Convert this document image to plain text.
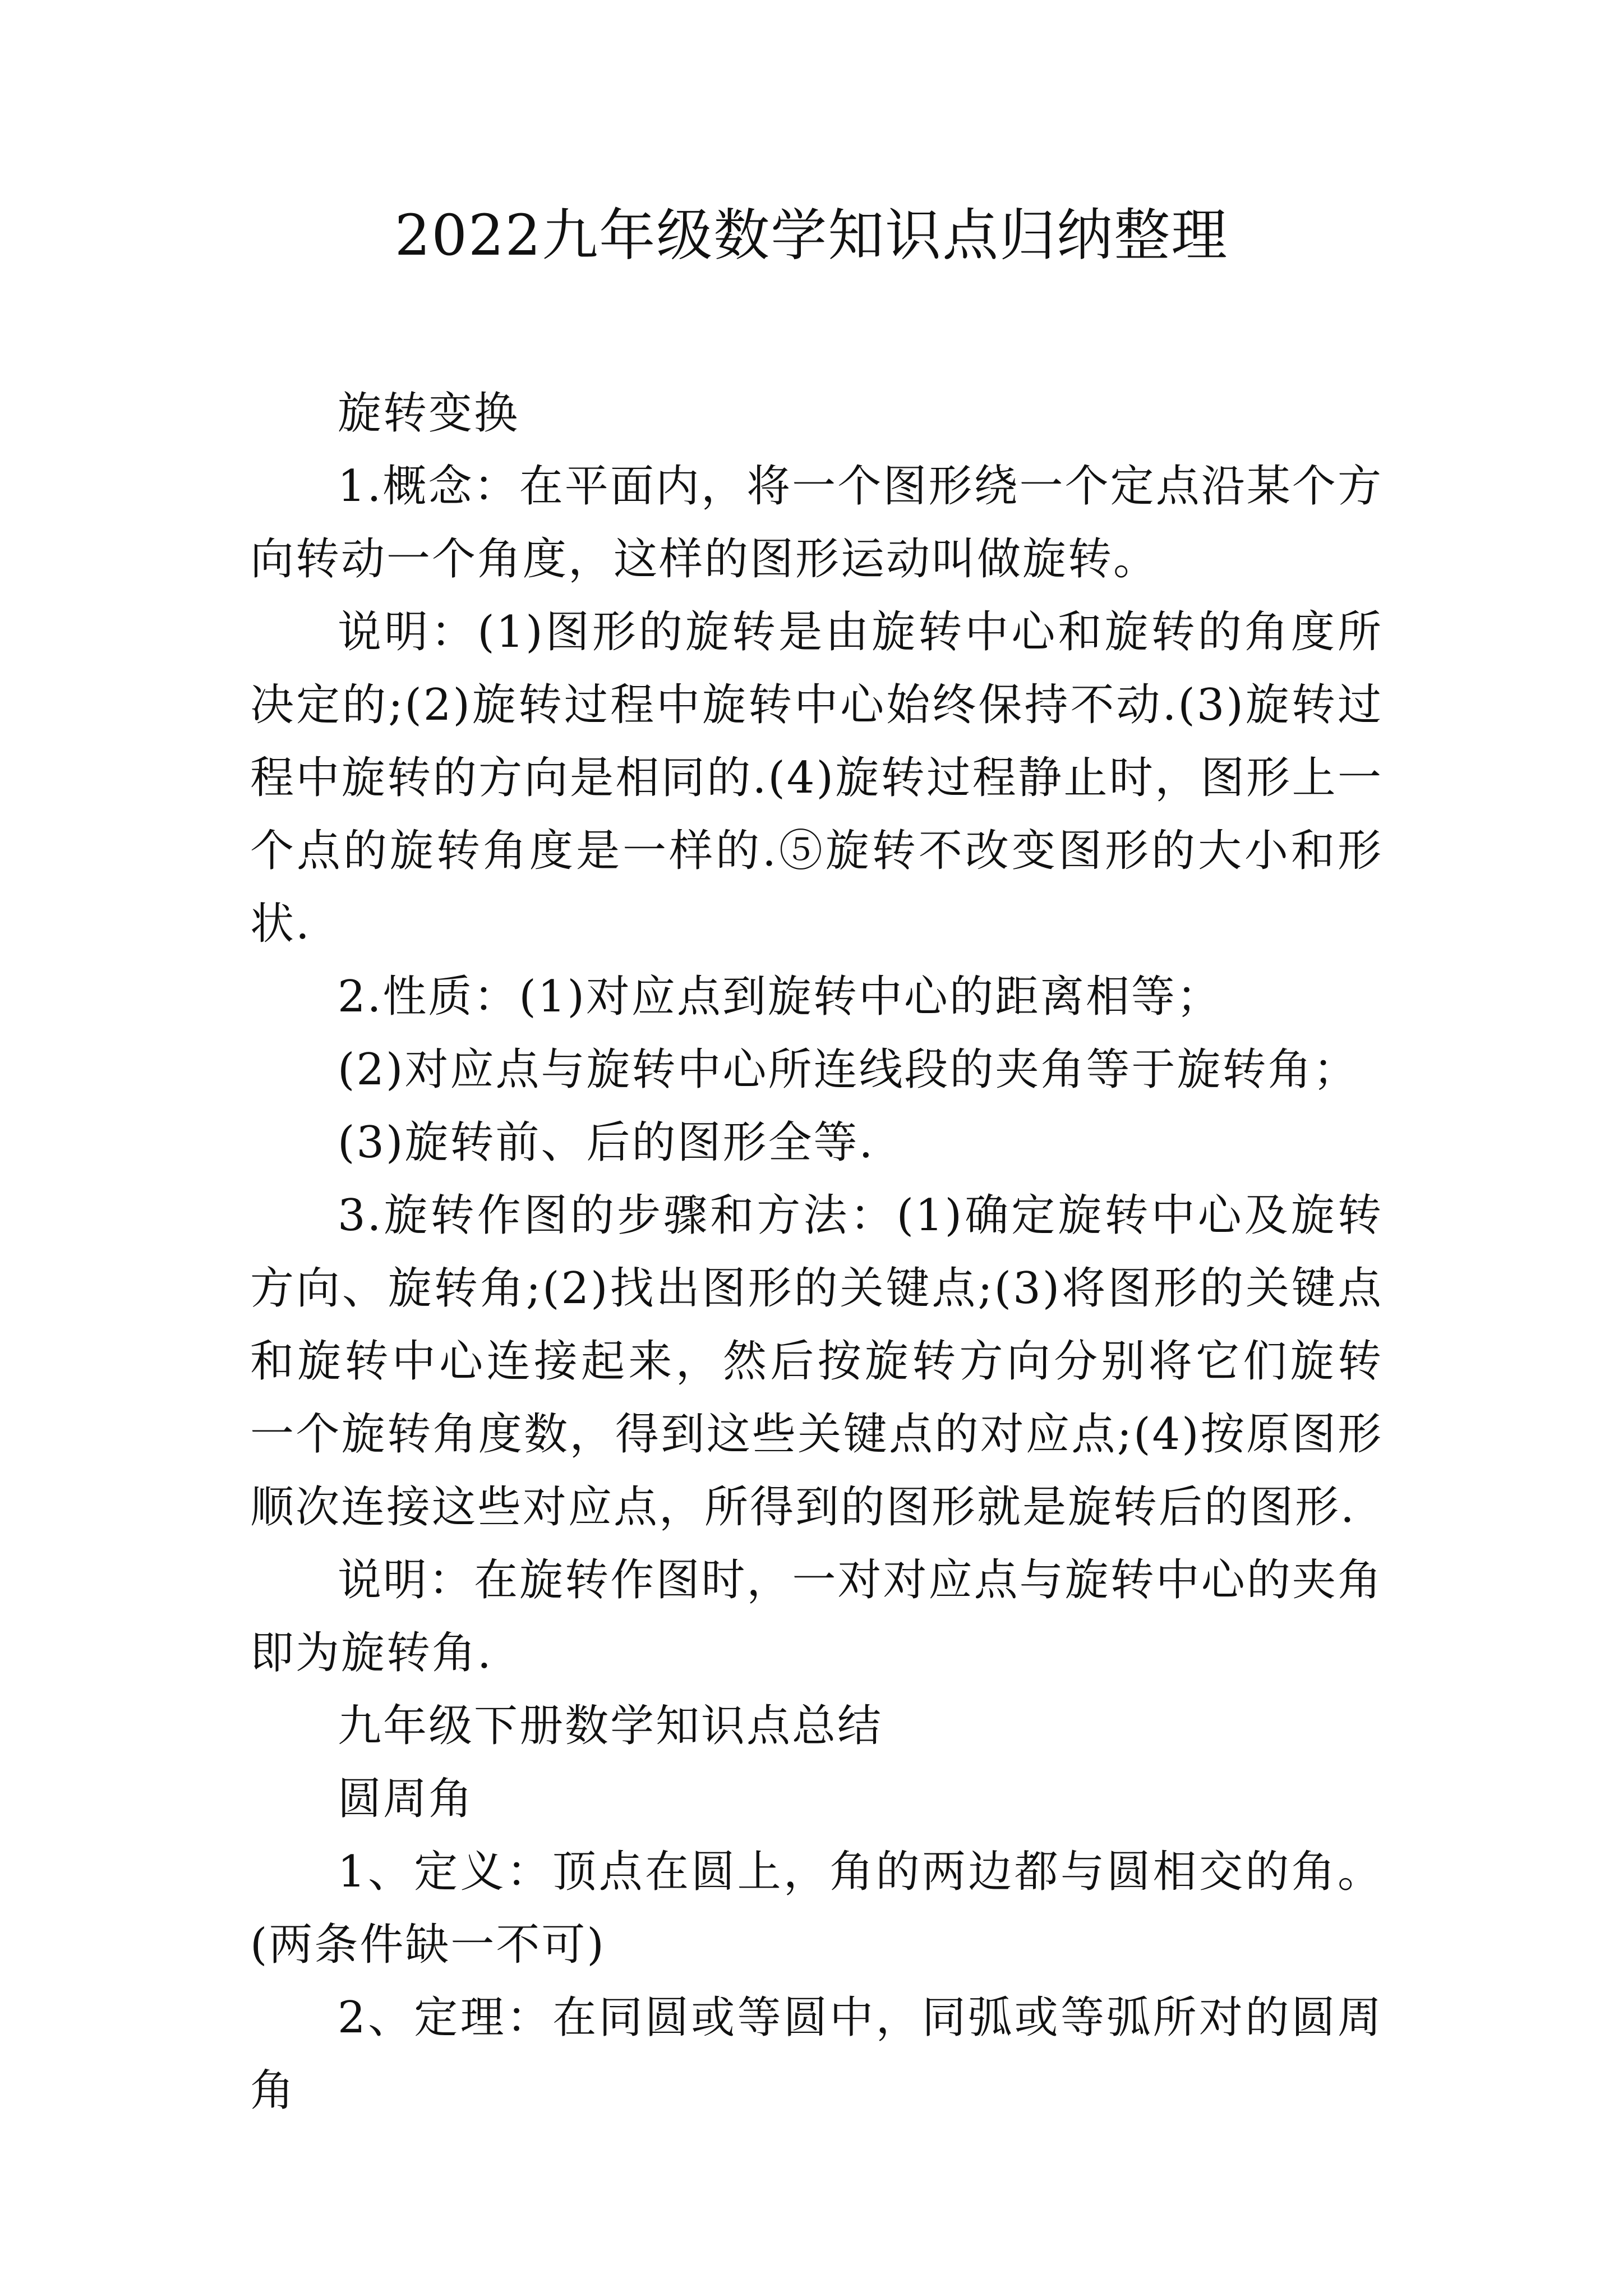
2022九年级数学知识点归纳整理

旋转变换

1.概念：在平面内，将一个图形绕一个定点沿某个方向转动一个角度，这样的图形运动叫做旋转。

说明：(1)图形的旋转是由旋转中心和旋转的角度所决定的;(2)旋转过程中旋转中心始终保持不动.(3)旋转过程中旋转的方向是相同的.(4)旋转过程静止时，图形上一个点的旋转角度是一样的.⑤旋转不改变图形的大小和形状.

2.性质：(1)对应点到旋转中心的距离相等；

(2)对应点与旋转中心所连线段的夹角等于旋转角；

(3)旋转前、后的图形全等.

3.旋转作图的步骤和方法：(1)确定旋转中心及旋转方向、旋转角;(2)找出图形的关键点;(3)将图形的关键点和旋转中心连接起来，然后按旋转方向分别将它们旋转一个旋转角度数，得到这些关键点的对应点;(4)按原图形顺次连接这些对应点，所得到的图形就是旋转后的图形.

说明：在旋转作图时，一对对应点与旋转中心的夹角即为旋转角.

九年级下册数学知识点总结

圆周角

1、定义：顶点在圆上，角的两边都与圆相交的角。(两条件缺一不可)

2、定理：在同圆或等圆中，同弧或等弧所对的圆周角
